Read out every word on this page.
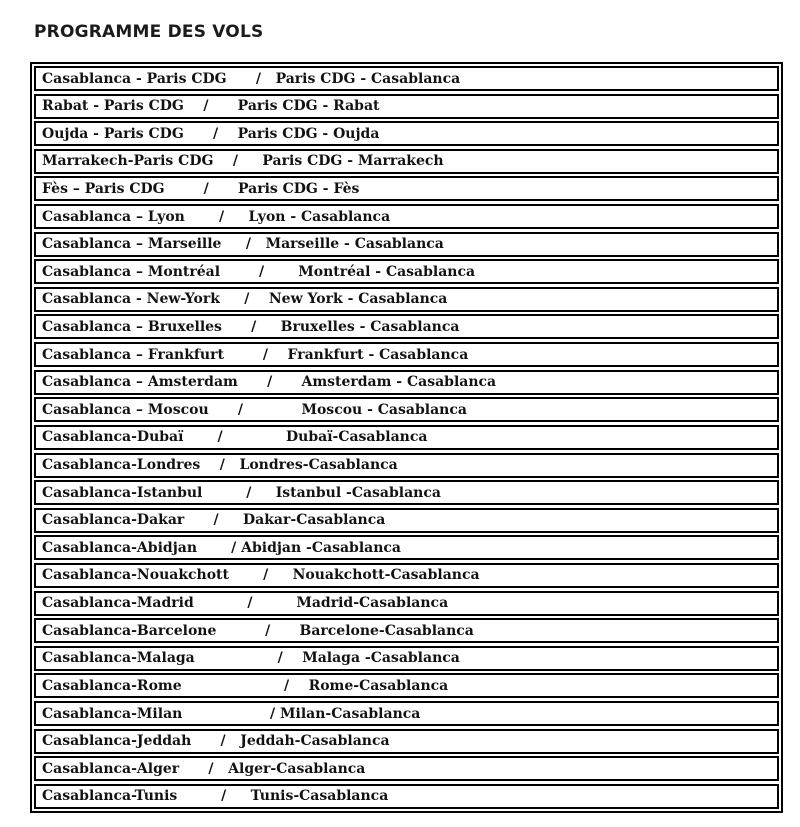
PROGRAMME DES VOLS
Casablanca - Paris CDG      /   Paris CDG - Casablanca
Rabat - Paris CDG    /      Paris CDG - Rabat
Oujda - Paris CDG      /    Paris CDG - Oujda
Marrakech-Paris CDG    /     Paris CDG - Marrakech
Fès – Paris CDG        /      Paris CDG - Fès
Casablanca – Lyon       /     Lyon - Casablanca
Casablanca – Marseille     /   Marseille - Casablanca
Casablanca – Montréal        /       Montréal - Casablanca
Casablanca - New-York     /    New York - Casablanca
Casablanca – Bruxelles      /     Bruxelles - Casablanca
Casablanca – Frankfurt        /    Frankfurt - Casablanca
Casablanca – Amsterdam      /      Amsterdam - Casablanca
Casablanca – Moscou      /            Moscou - Casablanca
Casablanca-Dubaï       /             Dubaï-Casablanca
Casablanca-Londres    /   Londres-Casablanca
Casablanca-Istanbul         /     Istanbul -Casablanca
Casablanca-Dakar      /     Dakar-Casablanca
Casablanca-Abidjan       / Abidjan -Casablanca
Casablanca-Nouakchott       /     Nouakchott-Casablanca
Casablanca-Madrid           /         Madrid-Casablanca
Casablanca-Barcelone          /      Barcelone-Casablanca
Casablanca-Malaga                 /    Malaga -Casablanca
Casablanca-Rome                     /    Rome-Casablanca
Casablanca-Milan                  / Milan-Casablanca
Casablanca-Jeddah      /   Jeddah-Casablanca
Casablanca-Alger      /   Alger-Casablanca
Casablanca-Tunis         /     Tunis-Casablanca
